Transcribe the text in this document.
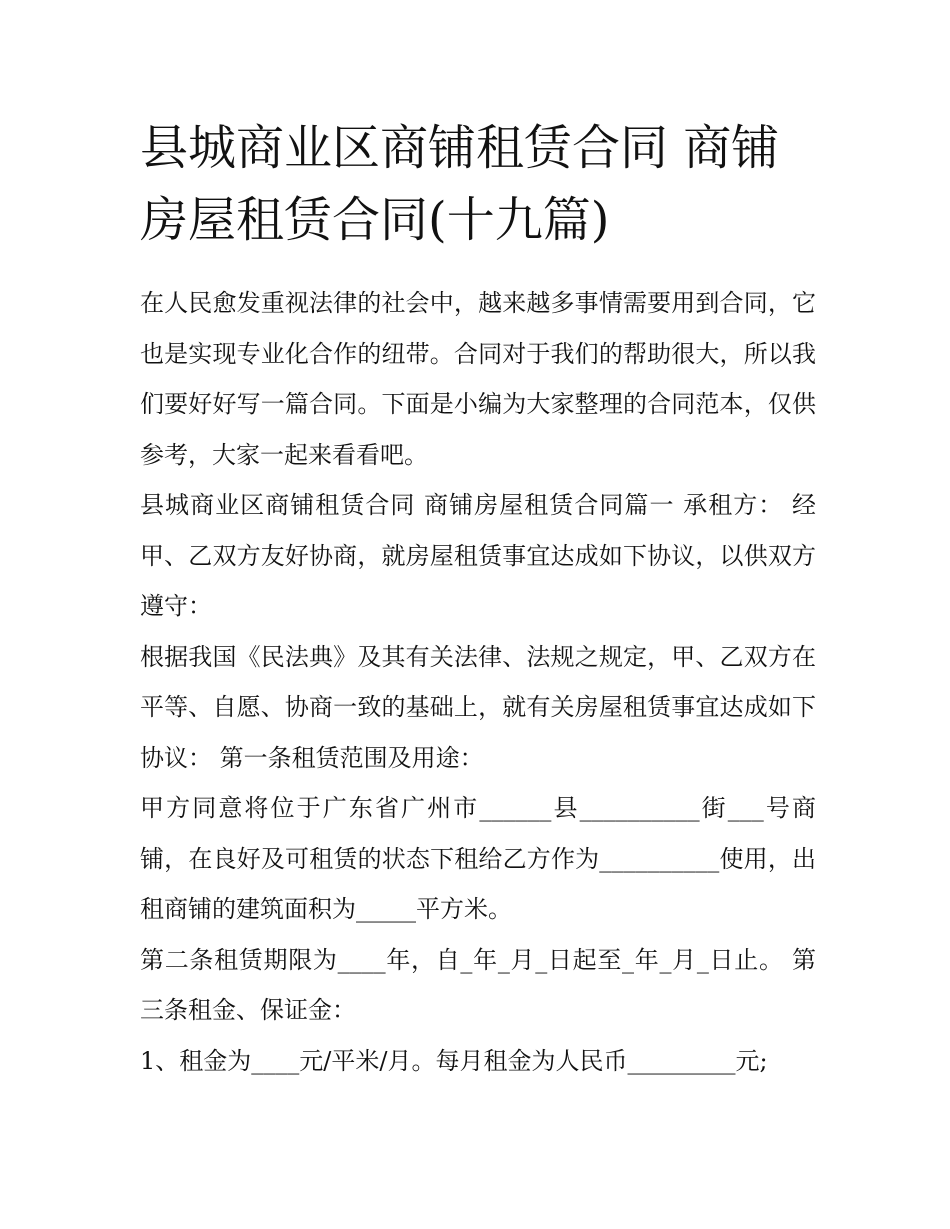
县城商业区商铺租赁合同 商铺房屋租赁合同(十九篇)

在人民愈发重视法律的社会中，越来越多事情需要用到合同，它也是实现专业化合作的纽带。合同对于我们的帮助很大，所以我们要好好写一篇合同。下面是小编为大家整理的合同范本，仅供参考，大家一起来看看吧。

县城商业区商铺租赁合同 商铺房屋租赁合同篇一 承租方： 经甲、乙双方友好协商，就房屋租赁事宜达成如下协议，以供双方遵守：

根据我国《民法典》及其有关法律、法规之规定，甲、乙双方在平等、自愿、协商一致的基础上，就有关房屋租赁事宜达成如下协议： 第一条租赁范围及用途：

甲方同意将位于广东省广州市______县__________街___号商铺，在良好及可租赁的状态下租给乙方作为__________使用，出租商铺的建筑面积为_____平方米。

第二条租赁期限为____年，自_年_月_日起至_年_月_日止。 第三条租金、保证金：

1、租金为____元/平米/月。每月租金为人民币_________元;
